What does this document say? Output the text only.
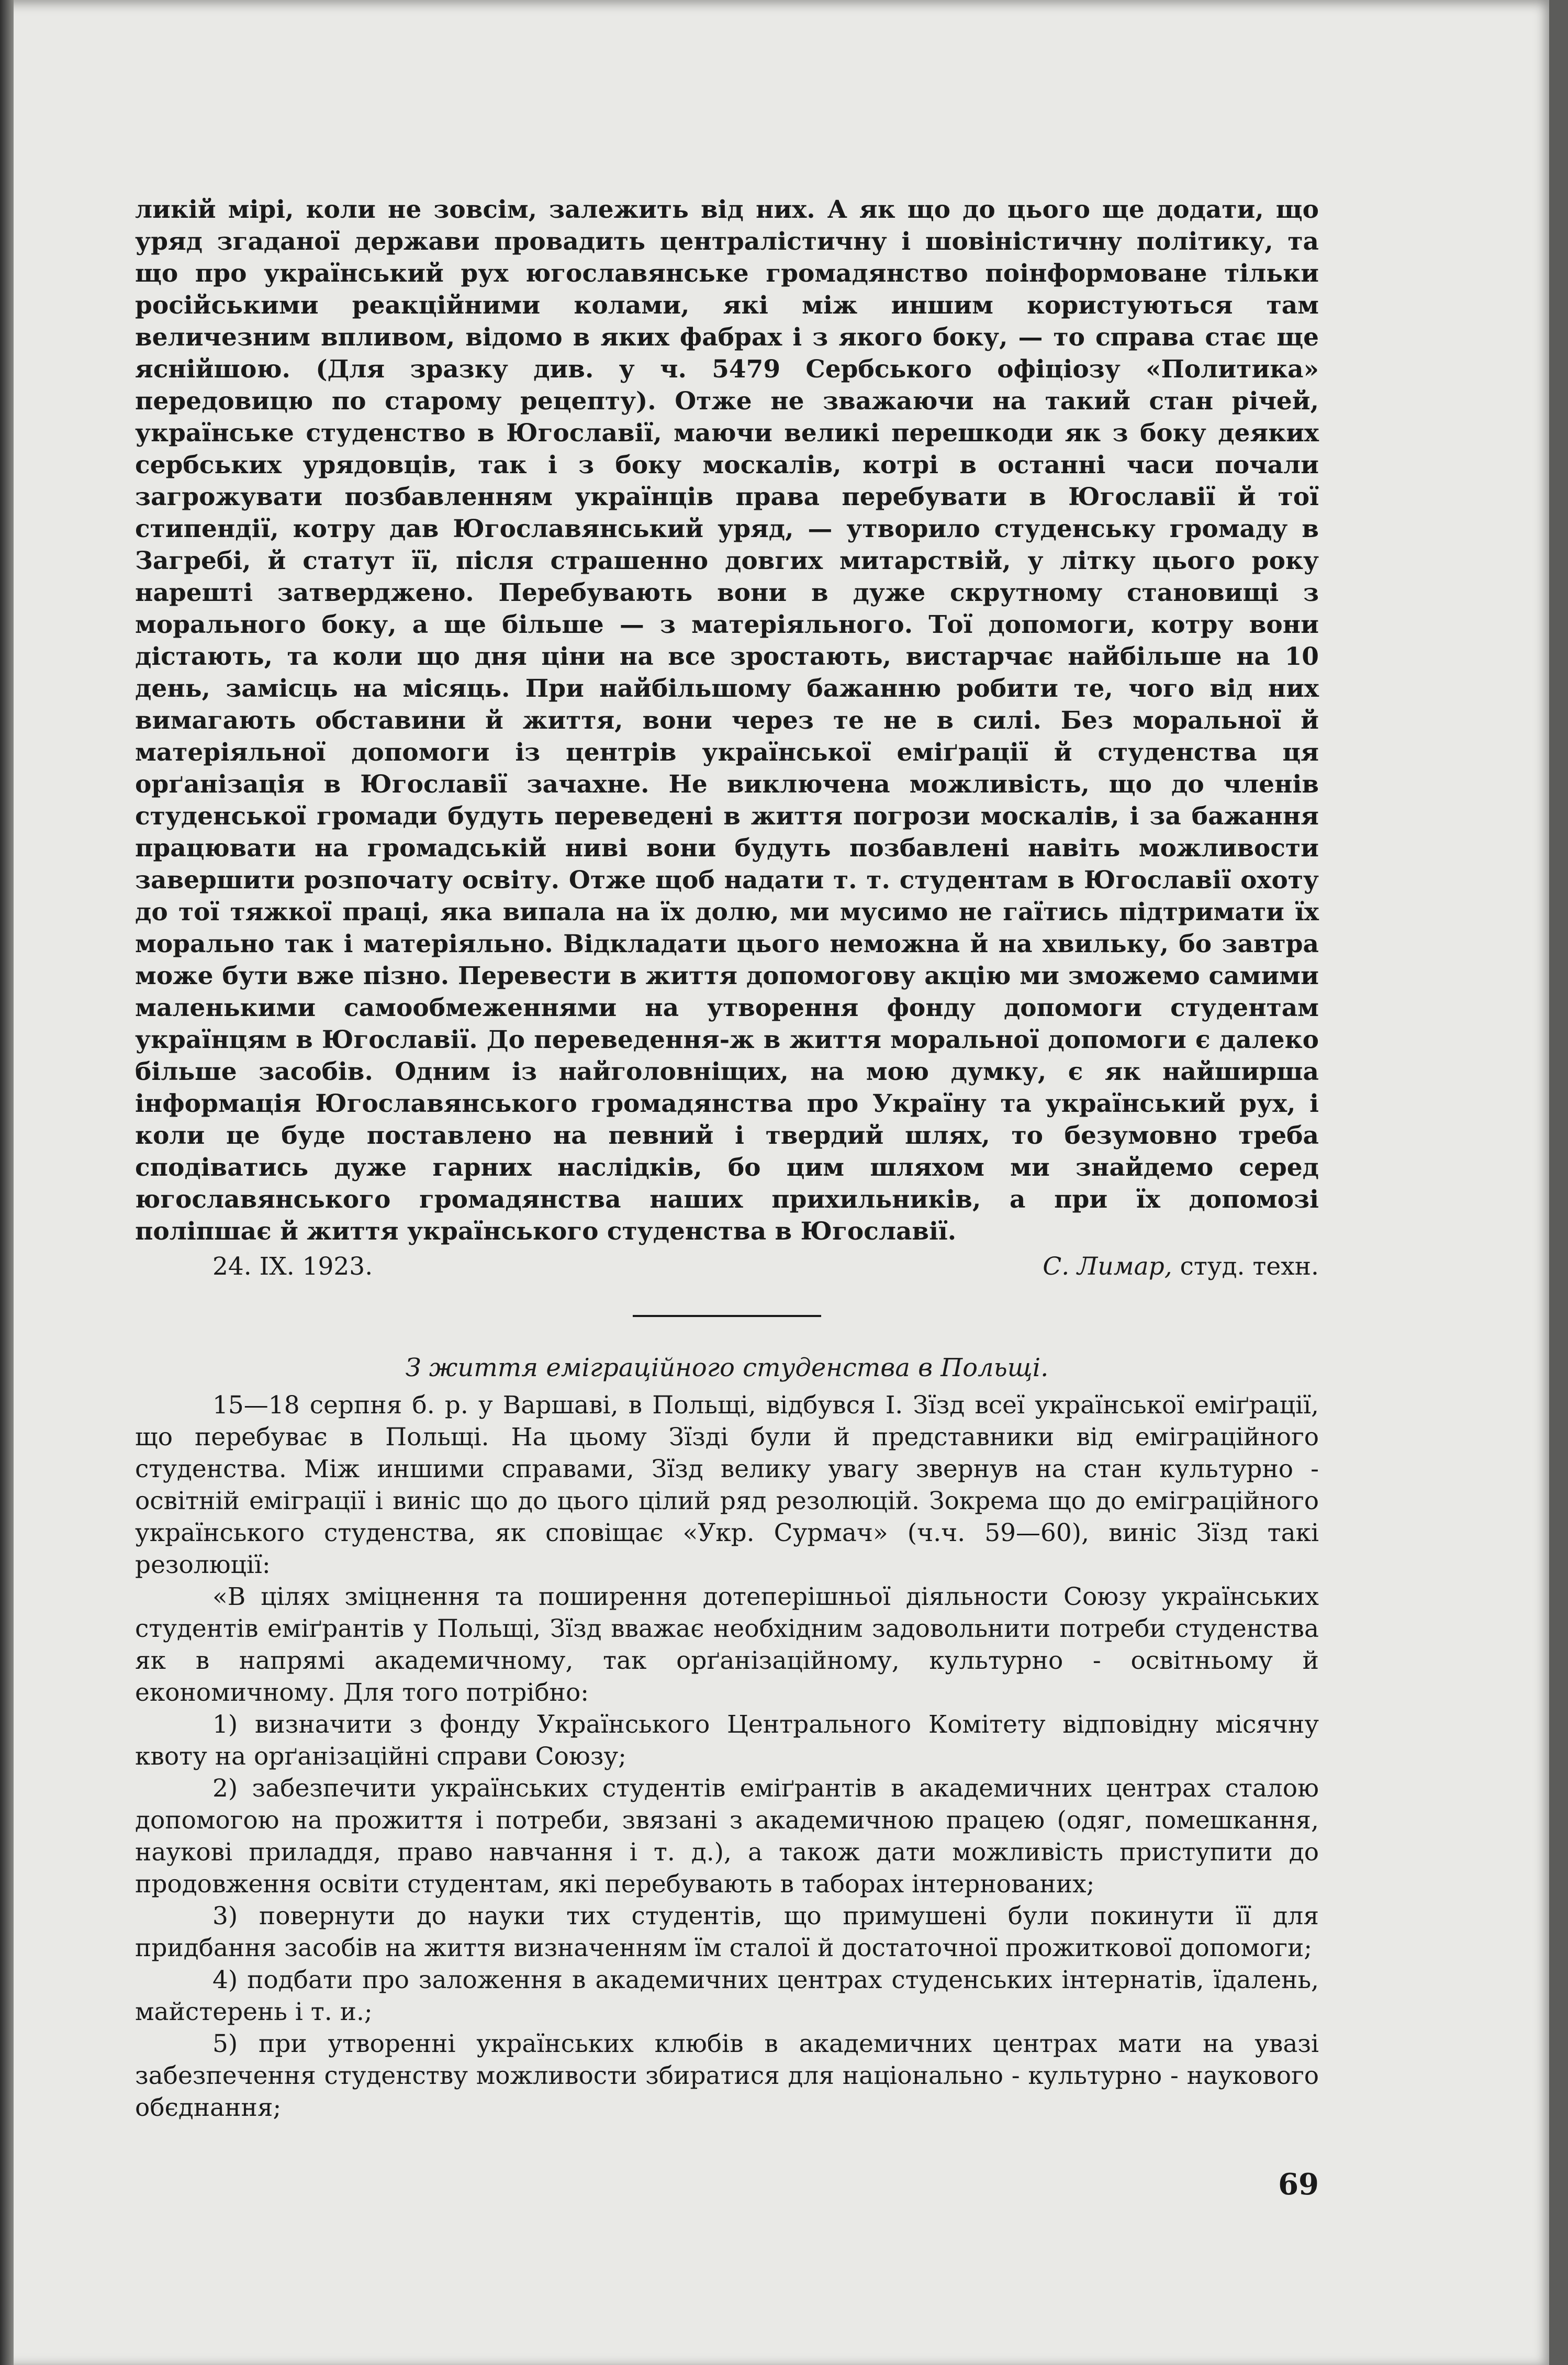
ликій мірі, коли не зовсім, залежить від них. А як що до цього ще додати, що уряд згаданої держави провадить централістичну і шовіністичну політику, та що про український рух югославянське громадянство поінформоване тільки російськими реакційними колами, які між иншим користуються там величезним впливом, відомо в яких фабрах і з якого боку, — то справа стає ще яснійшою. (Для зразку див. у ч. 5479 Сербського офіціозу «Политика» передовицю по старому рецепту). Отже не зважаючи на такий стан річей, українське студенство в Югославії, маючи великі перешкоди як з боку деяких сербських урядовців, так і з боку москалів, котрі в останні часи почали загрожувати позбавленням українців права перебувати в Югославії й тої стипендії, котру дав Югославянський уряд, — утворило студенську громаду в Загребі, й статут її, після страшенно довгих митарствій, у літку цього року нарешті затверджено. Перебувають вони в дуже скрутному становищі з морального боку, а ще більше — з матеріяльного. Тої допомоги, котру вони дістають, та коли що дня ціни на все зростають, вистарчає найбільше на 10 день, замісць на місяць. При найбільшому бажанню робити те, чого від них вимагають обставини й життя, вони через те не в силі. Без моральної й матеріяльної допомоги із центрів української еміґрації й студенства ця орґанізація в Югославії зачахне. Не виключена можливість, що до членів студенської громади будуть переведені в життя погрози москалів, і за бажання працювати на громадській ниві вони будуть позбавлені навіть можливости завершити розпочату освіту. Отже щоб надати т. т. студентам в Югославії охоту до тої тяжкої праці, яка випала на їх долю, ми мусимо не гаїтись підтримати їх морально так і матеріяльно. Відкладати цього неможна й на хвильку, бо завтра може бути вже пізно. Перевести в життя допомогову акцію ми зможемо самими маленькими самообмеженнями на утворення фонду допомоги студентам українцям в Югославії. До переведення-ж в життя моральної допомоги є далеко більше засобів. Одним із найголовніщих, на мою думку, є як найширша інформація Югославянського громадянства про Україну та український рух, і коли це буде поставлено на певний і твердий шлях, то безумовно треба сподіватись дуже гарних наслідків, бо цим шляхом ми знайдемо серед югославянського громадянства наших прихильників, а при їх допомозі поліпшає й життя українського студенства в Югославії.

24. IX. 1923.	С. Лимар, студ. техн.

З життя еміграційного студенства в Польщі.

15—18 серпня б. р. у Варшаві, в Польщі, відбувся І. Зїзд всеї української еміґрації, що перебуває в Польщі. На цьому Зїзді були й представники від еміграційного студенства. Між иншими справами, Зїзд велику увагу звернув на стан культурно - освітній еміграції і виніс що до цього цілий ряд резолюцій. Зокрема що до еміграційного українського студенства, як сповіщає «Укр. Сурмач» (ч.ч. 59—60), виніс Зїзд такі резолюції:

«В цілях зміцнення та поширення дотеперішньої діяльности Союзу українських студентів еміґрантів у Польщі, Зїзд вважає необхідним задовольнити потреби студенства як в напрямі академичному, так орґанізаційному, культурно - освітньому й економичному. Для того потрібно:

1) визначити з фонду Українського Центрального Комітету відповідну місячну квоту на орґанізаційні справи Союзу;

2) забезпечити українських студентів еміґрантів в академичних центрах сталою допомогою на прожиття і потреби, звязані з академичною працею (одяг, помешкання, наукові приладдя, право навчання і т. д.), а також дати можливість приступити до продовження освіти студентам, які перебувають в таборах інтернованих;

3) повернути до науки тих студентів, що примушені були покинути її для придбання засобів на життя визначенням їм сталої й достаточної прожиткової допомоги;

4) подбати про заложення в академичних центрах студенських інтернатів, їдалень, майстерень і т. и.;

5) при утворенні українських клюбів в академичних центрах мати на увазі забезпечення студенству можливости збиратися для національно - культурно - наукового обєднання;

69
